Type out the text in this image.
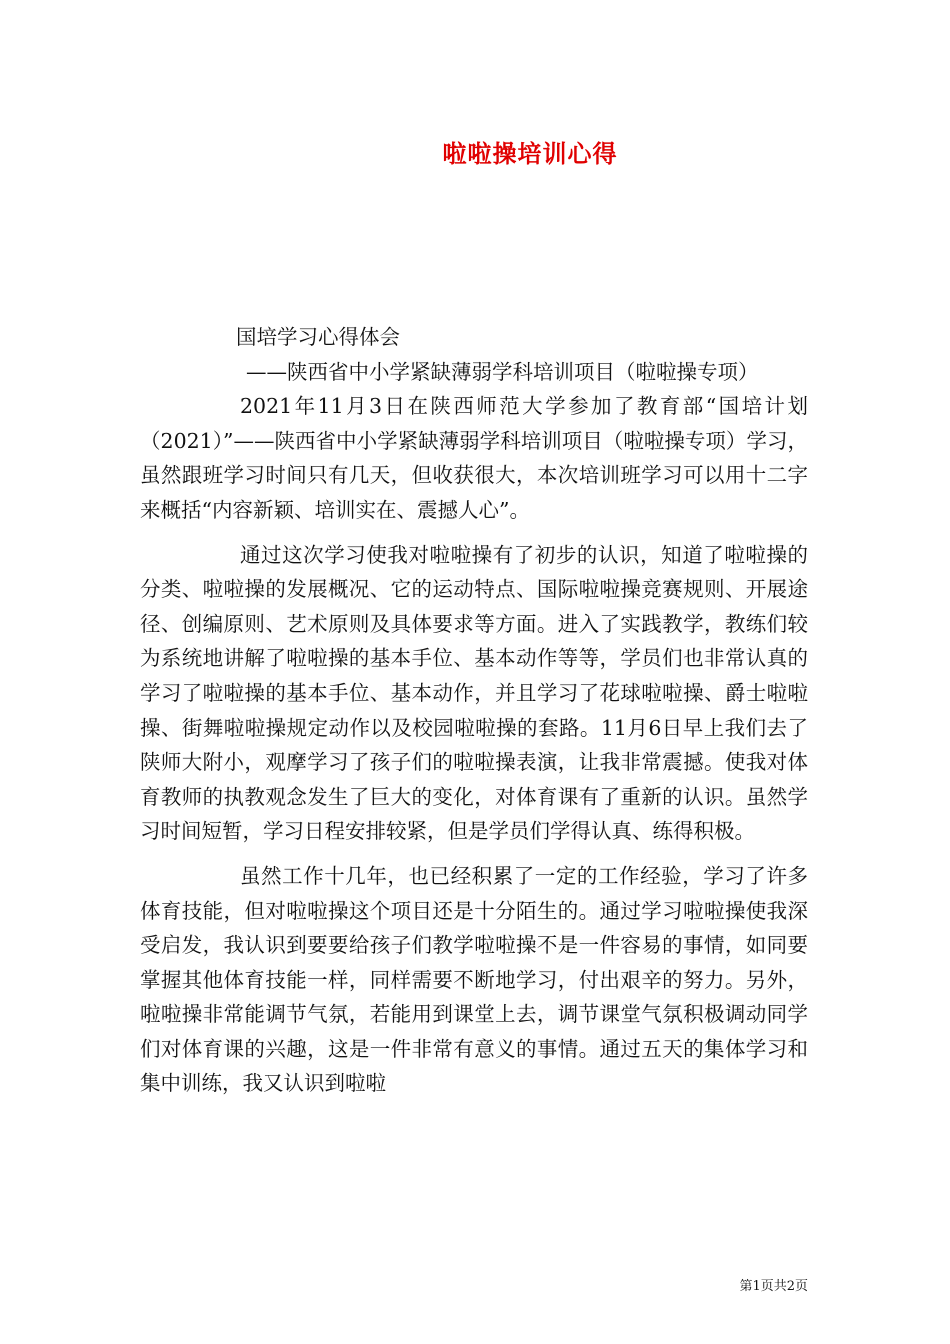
啦啦操培训心得

国培学习心得体会

——陕西省中小学紧缺薄弱学科培训项目（啦啦操专项）

2021年11月3日在陕西师范大学参加了教育部“国培计划（2021）”——陕西省中小学紧缺薄弱学科培训项目（啦啦操专项）学习，虽然跟班学习时间只有几天，但收获很大，本次培训班学习可以用十二字来概括“内容新颖、培训实在、震撼人心”。

通过这次学习使我对啦啦操有了初步的认识，知道了啦啦操的分类、啦啦操的发展概况、它的运动特点、国际啦啦操竞赛规则、开展途径、创编原则、艺术原则及具体要求等方面。进入了实践教学，教练们较为系统地讲解了啦啦操的基本手位、基本动作等等，学员们也非常认真的学习了啦啦操的基本手位、基本动作，并且学习了花球啦啦操、爵士啦啦操、街舞啦啦操规定动作以及校园啦啦操的套路。11月6日早上我们去了陕师大附小，观摩学习了孩子们的啦啦操表演，让我非常震撼。使我对体育教师的执教观念发生了巨大的变化，对体育课有了重新的认识。虽然学习时间短暂，学习日程安排较紧，但是学员们学得认真、练得积极。

虽然工作十几年，也已经积累了一定的工作经验，学习了许多体育技能，但对啦啦操这个项目还是十分陌生的。通过学习啦啦操使我深受启发，我认识到要要给孩子们教学啦啦操不是一件容易的事情，如同要掌握其他体育技能一样，同样需要不断地学习，付出艰辛的努力。另外，啦啦操非常能调节气氛，若能用到课堂上去，调节课堂气氛积极调动同学们对体育课的兴趣，这是一件非常有意义的事情。通过五天的集体学习和集中训练，我又认识到啦啦

第1页共2页
